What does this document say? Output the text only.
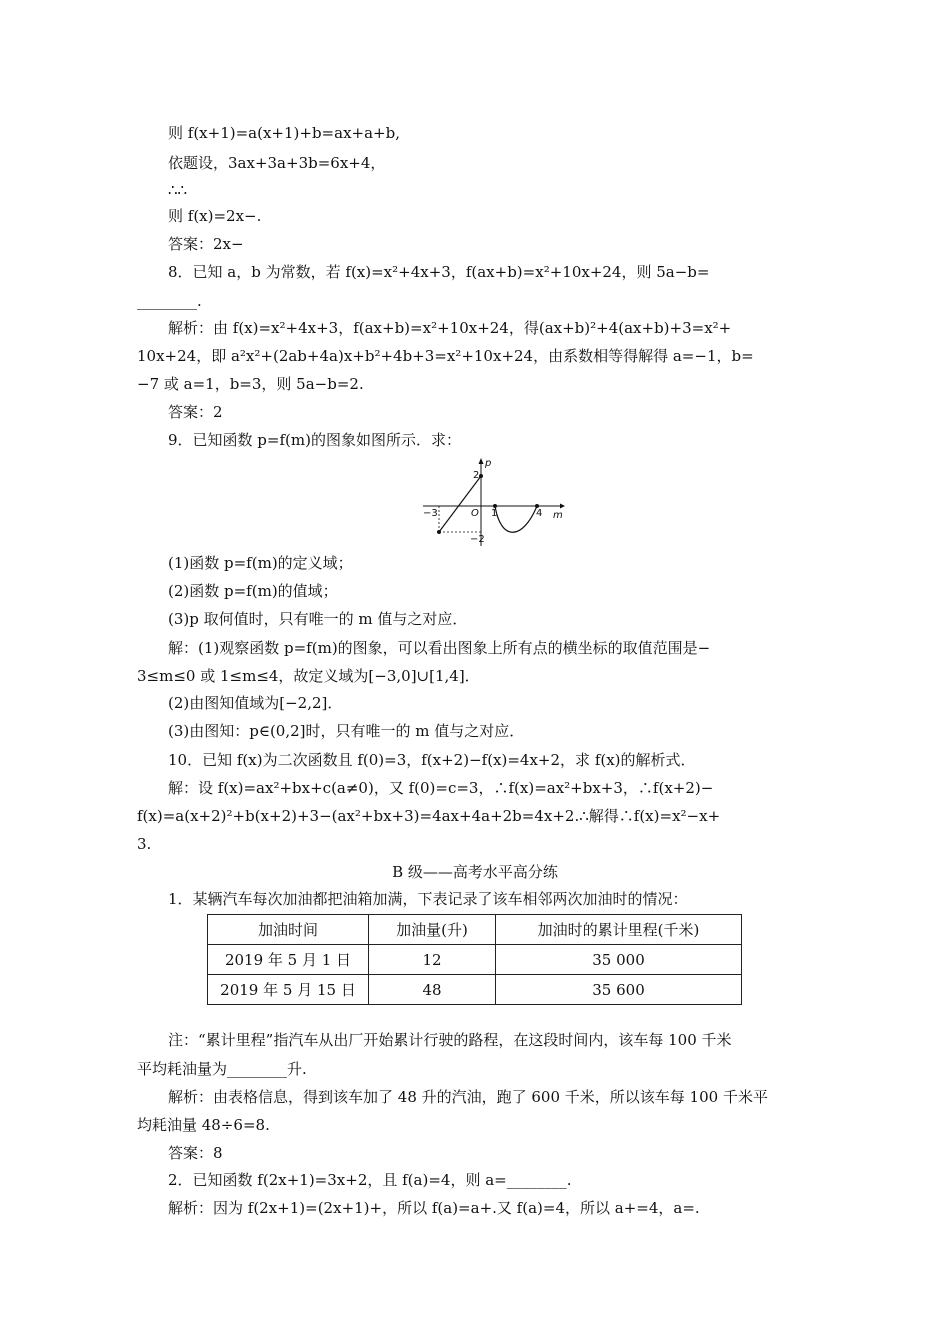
则 f(x+1)=a(x+1)+b=ax+a+b,
依题设，3ax+3a+3b=6x+4，
∴∴
则 f(x)=2x−.
答案：2x−
8．已知 a，b 为常数，若 f(x)=x²+4x+3，f(ax+b)=x²+10x+24，则 5a−b=
________.
解析：由 f(x)=x²+4x+3，f(ax+b)=x²+10x+24，得(ax+b)²+4(ax+b)+3=x²+
10x+24，即 a²x²+(2ab+4a)x+b²+4b+3=x²+10x+24，由系数相等得解得 a=−1，b=
−7 或 a=1，b=3，则 5a−b=2.
答案：2
9．已知函数 p=f(m)的图象如图所示．求：
p
m
O
2
−2
−3	1	4
(1)函数 p=f(m)的定义域；
(2)函数 p=f(m)的值域；
(3)p 取何值时，只有唯一的 m 值与之对应．
解：(1)观察函数 p=f(m)的图象，可以看出图象上所有点的横坐标的取值范围是−
3≤m≤0 或 1≤m≤4，故定义域为[−3,0]∪[1,4]．
(2)由图知值域为[−2,2]．
(3)由图知：p∈(0,2]时，只有唯一的 m 值与之对应．
10．已知 f(x)为二次函数且 f(0)=3，f(x+2)−f(x)=4x+2，求 f(x)的解析式．
解：设 f(x)=ax²+bx+c(a≠0)，又 f(0)=c=3，∴f(x)=ax²+bx+3，∴f(x+2)−
f(x)=a(x+2)²+b(x+2)+3−(ax²+bx+3)=4ax+4a+2b=4x+2.∴解得∴f(x)=x²−x+
3.
B 级——高考水平高分练
1．某辆汽车每次加油都把油箱加满，下表记录了该车相邻两次加油时的情况：
加油时间	加油量(升)	加油时的累计里程(千米)
2019 年 5 月 1 日	12	35 000
2019 年 5 月 15 日	48	35 600
注：“累计里程”指汽车从出厂开始累计行驶的路程，在这段时间内，该车每 100 千米
平均耗油量为________升.
解析：由表格信息，得到该车加了 48 升的汽油，跑了 600 千米，所以该车每 100 千米平
均耗油量 48÷6=8.
答案：8
2．已知函数 f(2x+1)=3x+2，且 f(a)=4，则 a=________.
解析：因为 f(2x+1)=(2x+1)+，所以 f(a)=a+.又 f(a)=4，所以 a+=4，a=.
